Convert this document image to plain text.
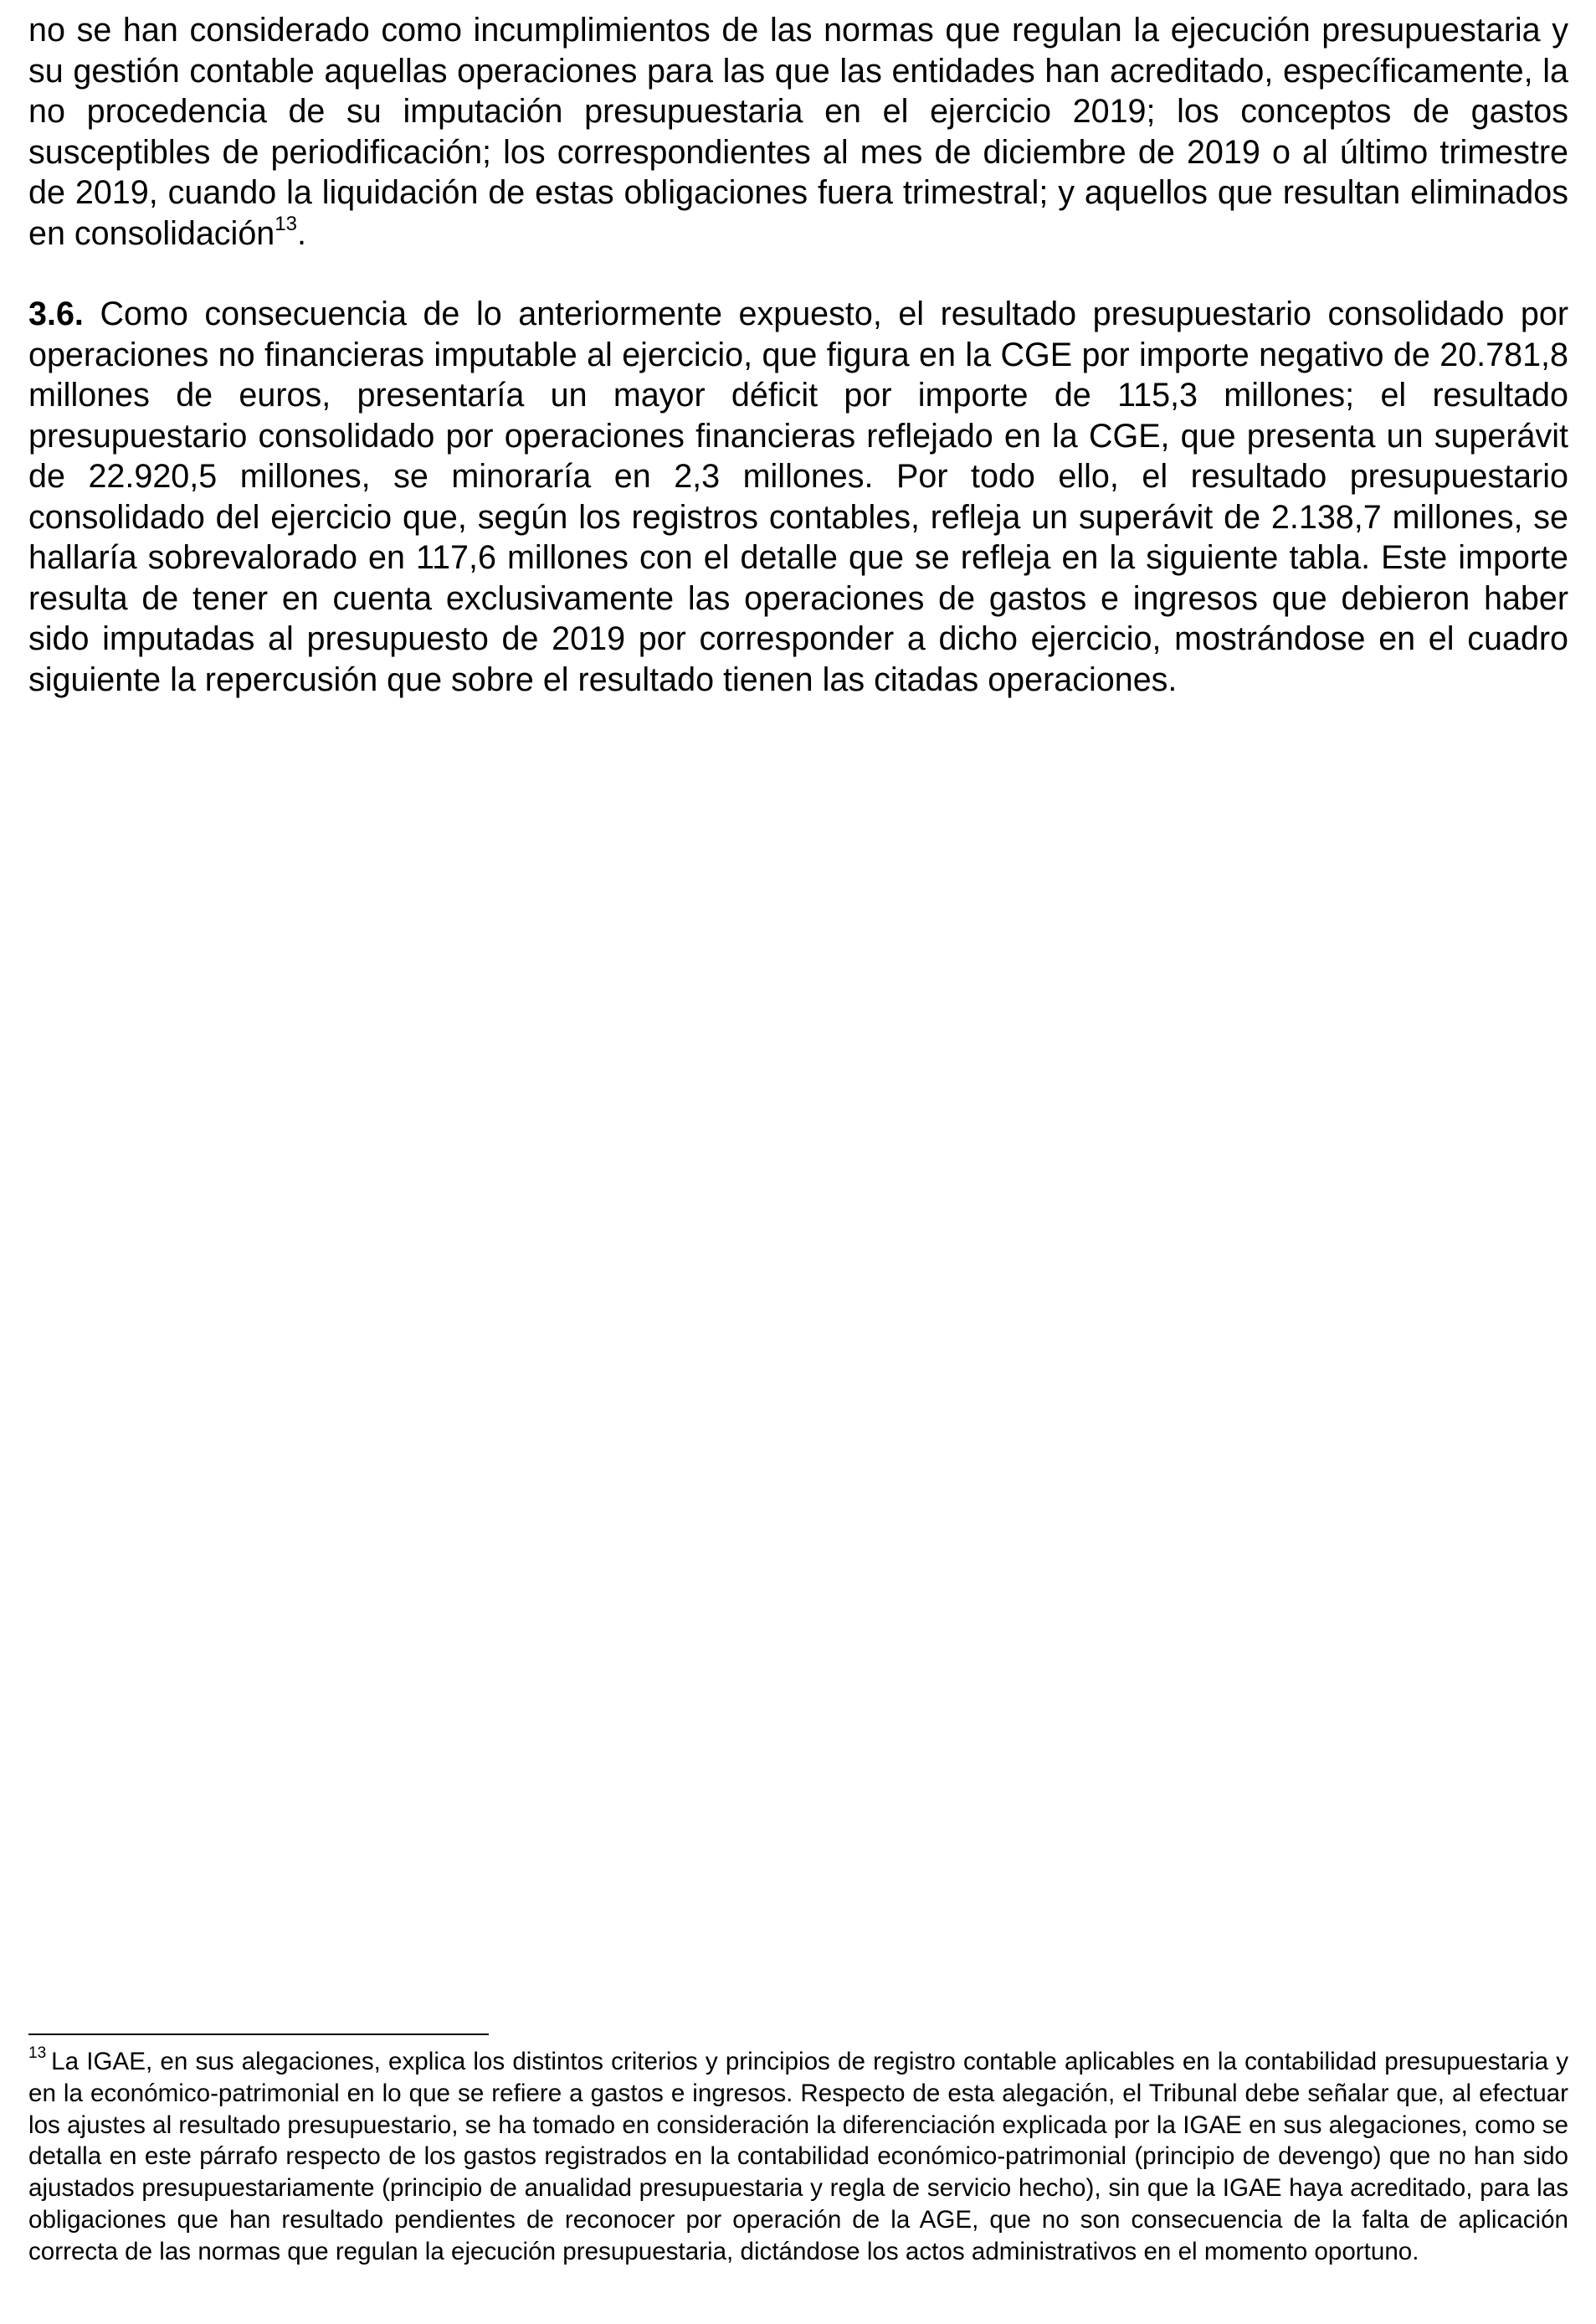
no se han considerado como incumplimientos de las normas que regulan la ejecución presupuestaria y su gestión contable aquellas operaciones para las que las entidades han acreditado, específicamente, la no procedencia de su imputación presupuestaria en el ejercicio 2019; los conceptos de gastos susceptibles de periodificación; los correspondientes al mes de diciembre de 2019 o al último trimestre de 2019, cuando la liquidación de estas obligaciones fuera trimestral; y aquellos que resultan eliminados en consolidación$^{13}$.

3.6. Como consecuencia de lo anteriormente expuesto, el resultado presupuestario consolidado por operaciones no financieras imputable al ejercicio, que figura en la CGE por importe negativo de 20.781,8 millones de euros, presentaría un mayor déficit por importe de 115,3 millones; el resultado presupuestario consolidado por operaciones financieras reflejado en la CGE, que presenta un superávit de 22.920,5 millones, se minoraría en 2,3 millones. Por todo ello, el resultado presupuestario consolidado del ejercicio que, según los registros contables, refleja un superávit de 2.138,7 millones, se hallaría sobrevalorado en 117,6 millones con el detalle que se refleja en la siguiente tabla. Este importe resulta de tener en cuenta exclusivamente las operaciones de gastos e ingresos que debieron haber sido imputadas al presupuesto de 2019 por corresponder a dicho ejercicio, mostrándose en el cuadro siguiente la repercusión que sobre el resultado tienen las citadas operaciones.

$^{13}$ La IGAE, en sus alegaciones, explica los distintos criterios y principios de registro contable aplicables en la contabilidad presupuestaria y en la económico-patrimonial en lo que se refiere a gastos e ingresos. Respecto de esta alegación, el Tribunal debe señalar que, al efectuar los ajustes al resultado presupuestario, se ha tomado en consideración la diferenciación explicada por la IGAE en sus alegaciones, como se detalla en este párrafo respecto de los gastos registrados en la contabilidad económico-patrimonial (principio de devengo) que no han sido ajustados presupuestariamente (principio de anualidad presupuestaria y regla de servicio hecho), sin que la IGAE haya acreditado, para las obligaciones que han resultado pendientes de reconocer por operación de la AGE, que no son consecuencia de la falta de aplicación correcta de las normas que regulan la ejecución presupuestaria, dictándose los actos administrativos en el momento oportuno.
